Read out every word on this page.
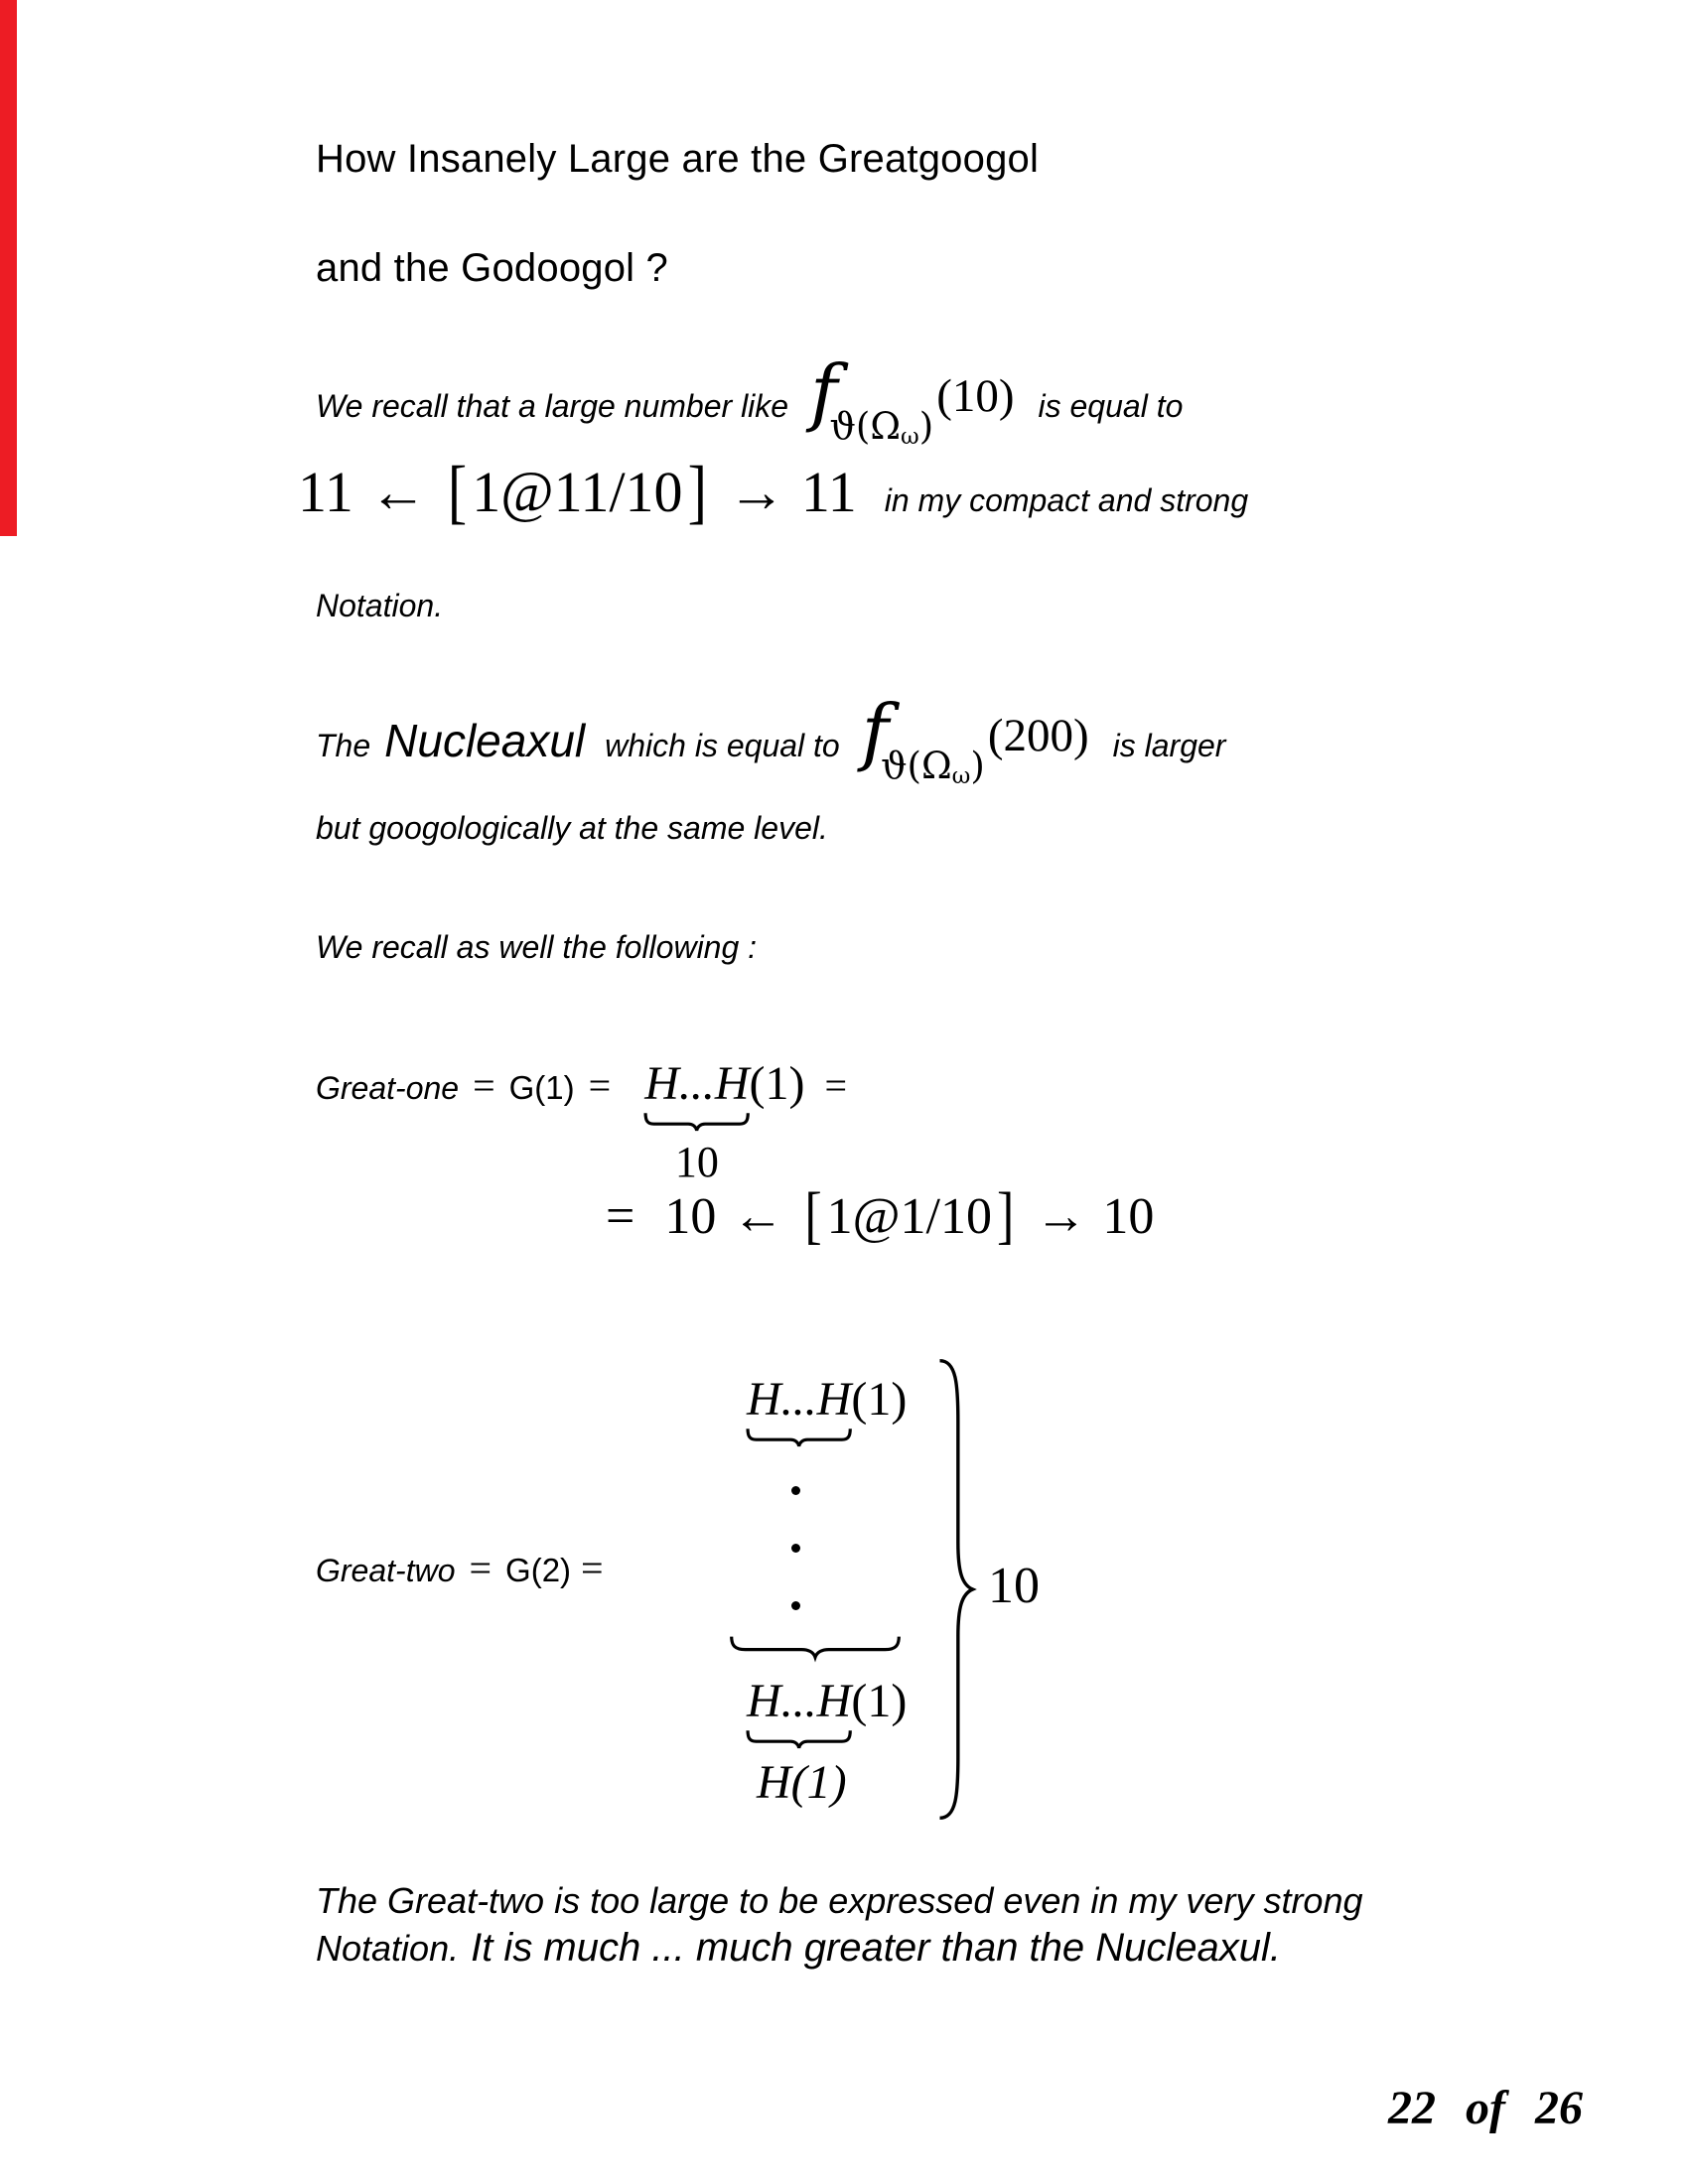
How Insanely Large are the Greatgoogol
and the Godoogol ?
We recall that a large number like f
ϑ(Ωω)
(10) is equal to
11 ← [ 1@11/10 ] → 11 in my compact and strong
Notation.
The Nucleaxul which is equal to f
ϑ(Ωω)
(200) is larger
but googologically at the same level.
We recall as well the following :
Great-one = G(1) = H...H
10
(1) =
= 10 ← [ 1@1/10 ] → 10
Great-two = G(2) =
H...H (1)
H...H (1)
H(1)
10
The Great-two is too large to be expressed even in my very strong
Notation. It is much ... much greater than the Nucleaxul.
22 of 26
